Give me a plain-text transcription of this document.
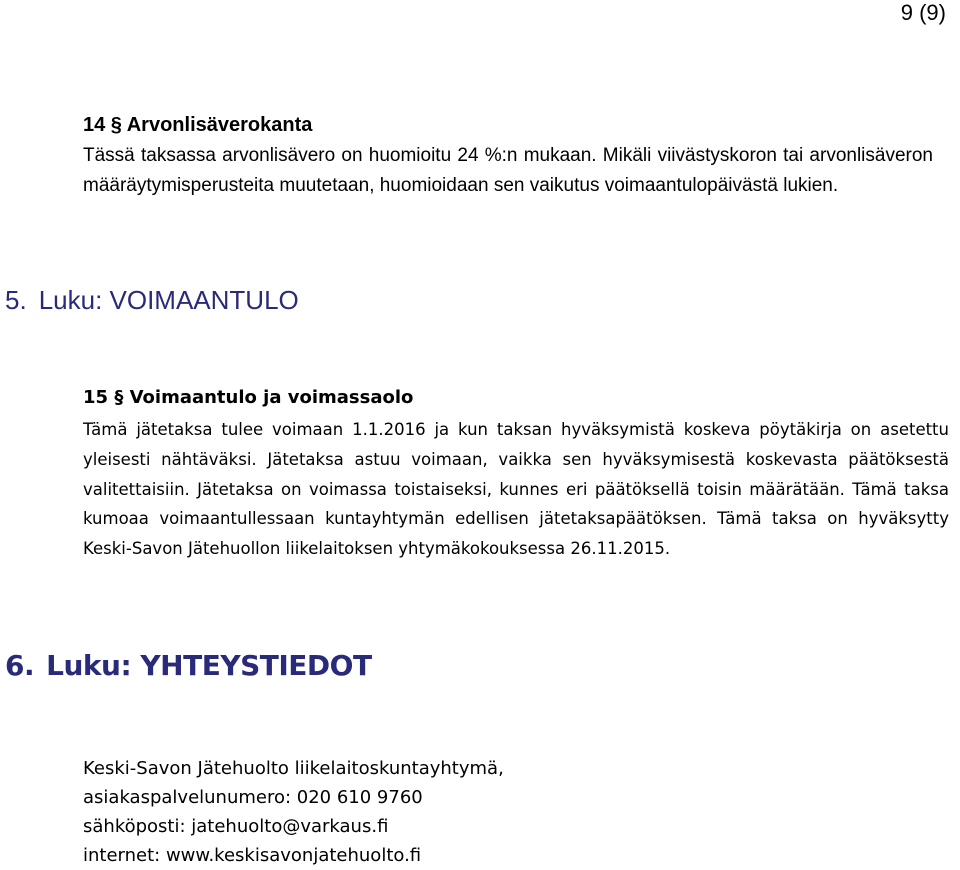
9 (9)
14 § Arvonlisäverokanta

Tässä taksassa arvonlisävero on huomioitu 24 %:n mukaan. Mikäli viivästyskoron tai arvonlisäveron määräytymisperusteita muutetaan, huomioidaan sen vaikutus voimaantulopäivästä lukien.

5. Luku: VOIMAANTULO
15 § Voimaantulo ja voimassaolo

Tämä jätetaksa tulee voimaan 1.1.2016 ja kun taksan hyväksymistä koskeva pöytäkirja on asetettu yleisesti nähtäväksi. Jätetaksa astuu voimaan, vaikka sen hyväksymisestä koskevasta päätöksestä valitettaisiin. Jätetaksa on voimassa toistaiseksi, kunnes eri päätöksellä toisin määrätään. Tämä taksa kumoaa voimaantullessaan kuntayhtymän edellisen jätetaksapäätöksen. Tämä taksa on hyväksytty Keski-Savon Jätehuollon liikelaitoksen yhtymäkokouksessa 26.11.2015.

6. Luku: YHTEYSTIEDOT
Keski-Savon Jätehuolto liikelaitoskuntayhtymä,
asiakaspalvelunumero: 020 610 9760
sähköposti: jatehuolto@varkaus.fi
internet: www.keskisavonjatehuolto.fi
